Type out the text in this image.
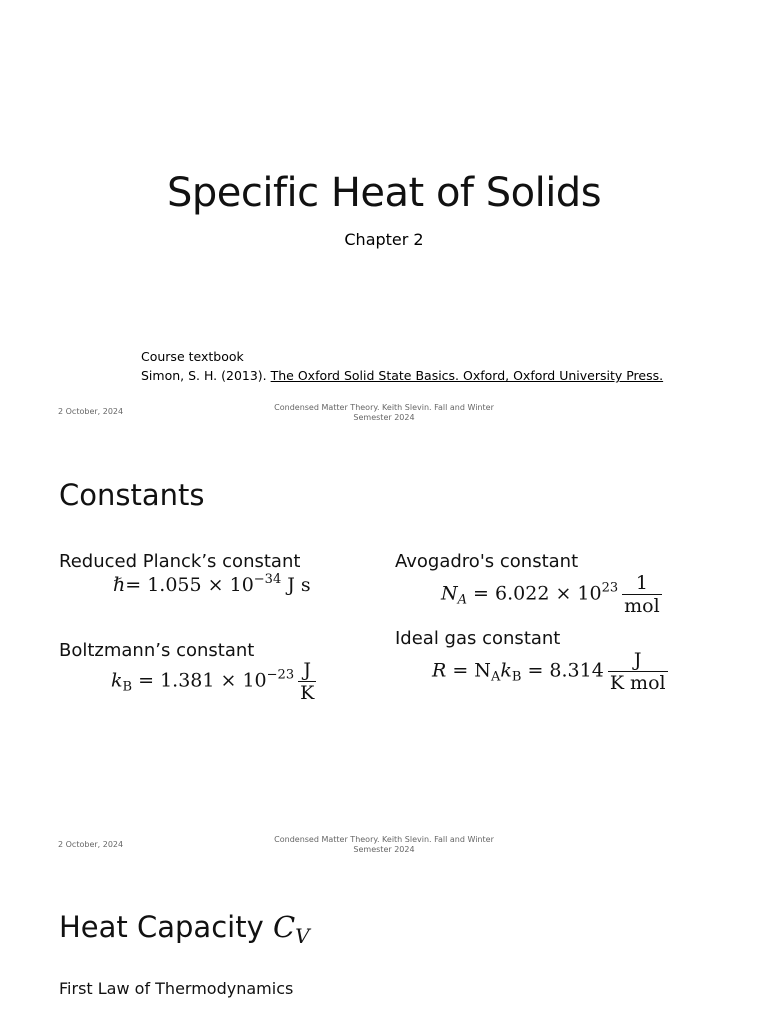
Specific Heat of Solids
Chapter 2
Course textbook
Simon, S. H. (2013). The Oxford Solid State Basics. Oxford, Oxford University Press.
2 October, 2024	Condensed Matter Theory. Keith Slevin. Fall and Winter Semester 2024
Constants
Reduced Planck’s constant
ℏ= $1.055 \times 10^{-34}$ J s
Boltzmann’s constant
$k_B = 1.381 \times 10^{-23} \frac{J}{K}$
Avogadro's constant
$N_A = 6.022 \times 10^{23} \frac{1}{\text{mol}}$
Ideal gas constant
$R = N_Ak_B = 8.314 \frac{J}{\text{K mol}}$
2 October, 2024
Condensed Matter Theory. Keith Slevin. Fall and Winter Semester 2024
Heat Capacity $C_V$
First Law of Thermodynamics
